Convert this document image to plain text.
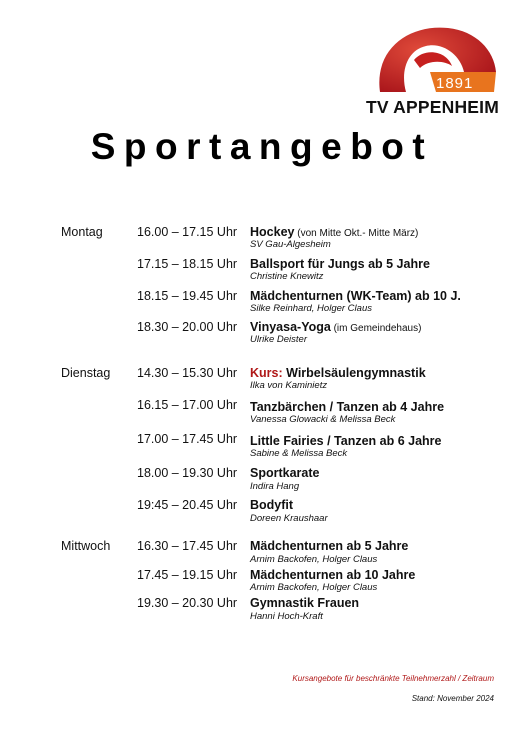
1891
TV APPENHEIM
Sportangebot
Montag	16.00 – 17.15 Uhr Hockey (von Mitte Okt.- Mitte März)
SV Gau-Algesheim
17.15 – 18.15 Uhr Ballsport für Jungs ab 5 Jahre
Christine Knewitz
18.15 – 19.45 Uhr Mädchenturnen (WK-Team) ab 10 J.
Silke Reinhard, Holger Claus
18.30 – 20.00 Uhr Vinyasa-Yoga (im Gemeindehaus)
Ulrike Deister
Dienstag 14.30 – 15.30 Uhr Kurs: Wirbelsäulengymnastik
Ilka von Kaminietz
16.15 – 17.00 Uhr Tanzbärchen / Tanzen ab 4 Jahre
Vanessa Glowacki & Melissa Beck
17.00 – 17.45 Uhr Little Fairies / Tanzen ab 6 Jahre
Sabine & Melissa Beck
18.00 – 19.30 Uhr Sportkarate
Indira Hang
19:45 – 20.45 Uhr Bodyfit
Doreen Kraushaar
Mittwoch 16.30 – 17.45 Uhr Mädchenturnen ab 5 Jahre
Arnim Backofen, Holger Claus
17.45 – 19.15 Uhr Mädchenturnen ab 10 Jahre
Arnim Backofen, Holger Claus
19.30 – 20.30 Uhr Gymnastik Frauen
Hanni Hoch-Kraft
Kursangebote für beschränkte Teilnehmerzahl / Zeitraum
Stand: November 2024
